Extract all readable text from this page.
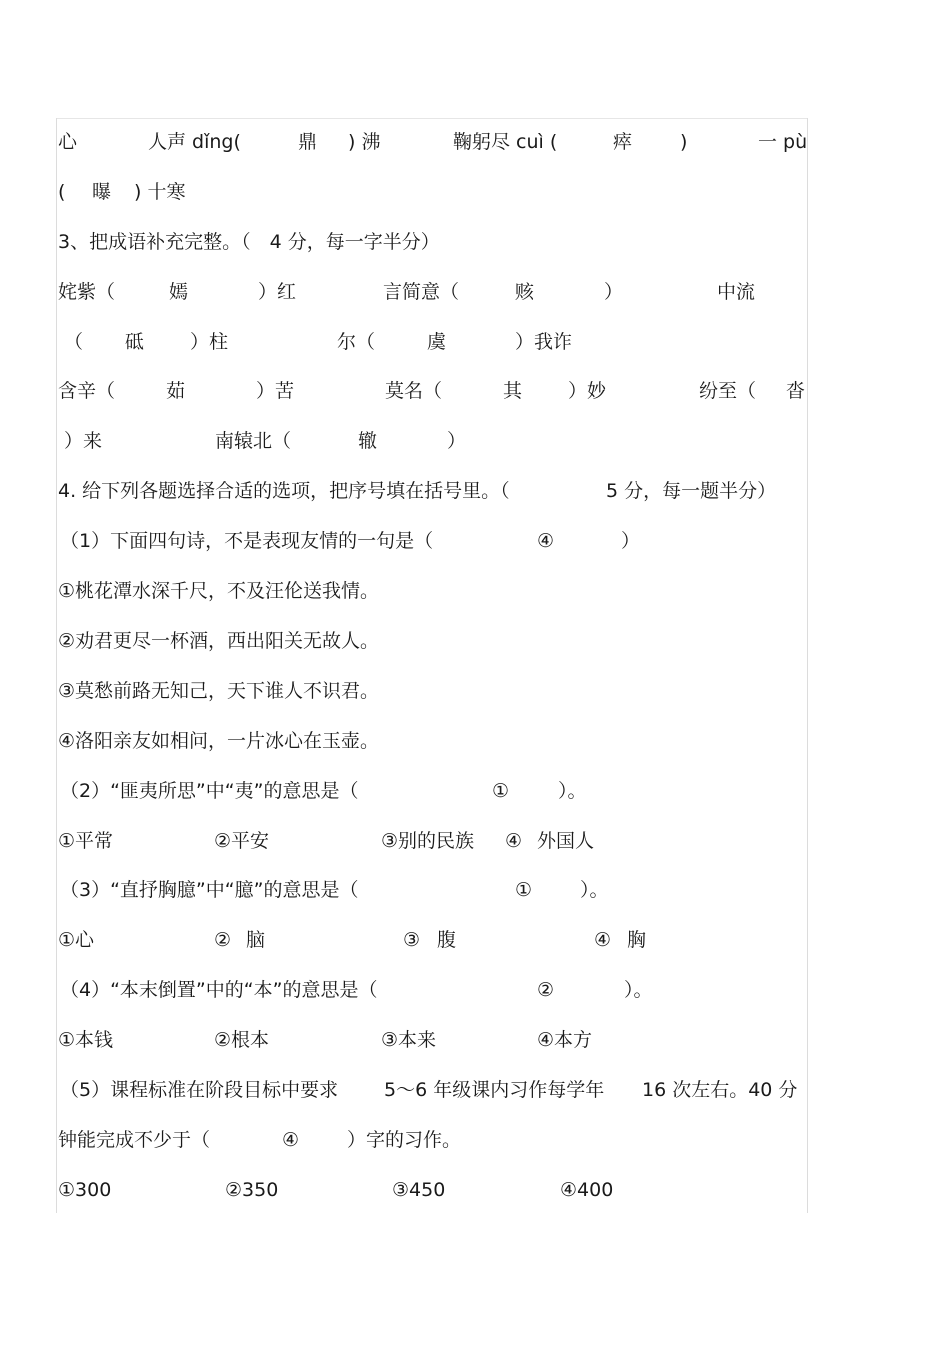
心	人声 dǐng(	鼎 ) 沸	鞠躬尽 cuì (	瘁	)	一 pù
( 曝 ) 十寒
3、把成语补充完整。（　4 分，每一字半分）
姹紫（	嫣	）红	言简意（	赅	）	中流
（ 砥 ）柱	尔（	虞	）我诈
含辛（	茹	）苦	莫名（	其 ）妙	纷至（ 沓
）来	南辕北（	辙	）
4. 给下列各题选择合适的选项，把序号填在括号里。（	5 分，每一题半分）
（1）下面四句诗，不是表现友情的一句是（	④	）
①桃花潭水深千尺，不及汪伦送我情。
②劝君更尽一杯酒，西出阳关无故人。
③莫愁前路无知己，天下谁人不识君。
④洛阳亲友如相问，一片冰心在玉壶。
（2）“匪夷所思”中“夷”的意思是（	①	）。
①平常	②平安	③别的民族 ④ 外国人
（3）“直抒胸臆”中“臆”的意思是（	①	）。
①心	② 脑	③ 腹	④ 胸
（4）“本末倒置”中的“本”的意思是（	②	）。
①本钱	②根本	③本来	④本方
（5）课程标准在阶段目标中要求 5～6 年级课内习作每学年 16 次左右。40 分
钟能完成不少于（	④	）字的习作。
①300	②350	③450	④400
